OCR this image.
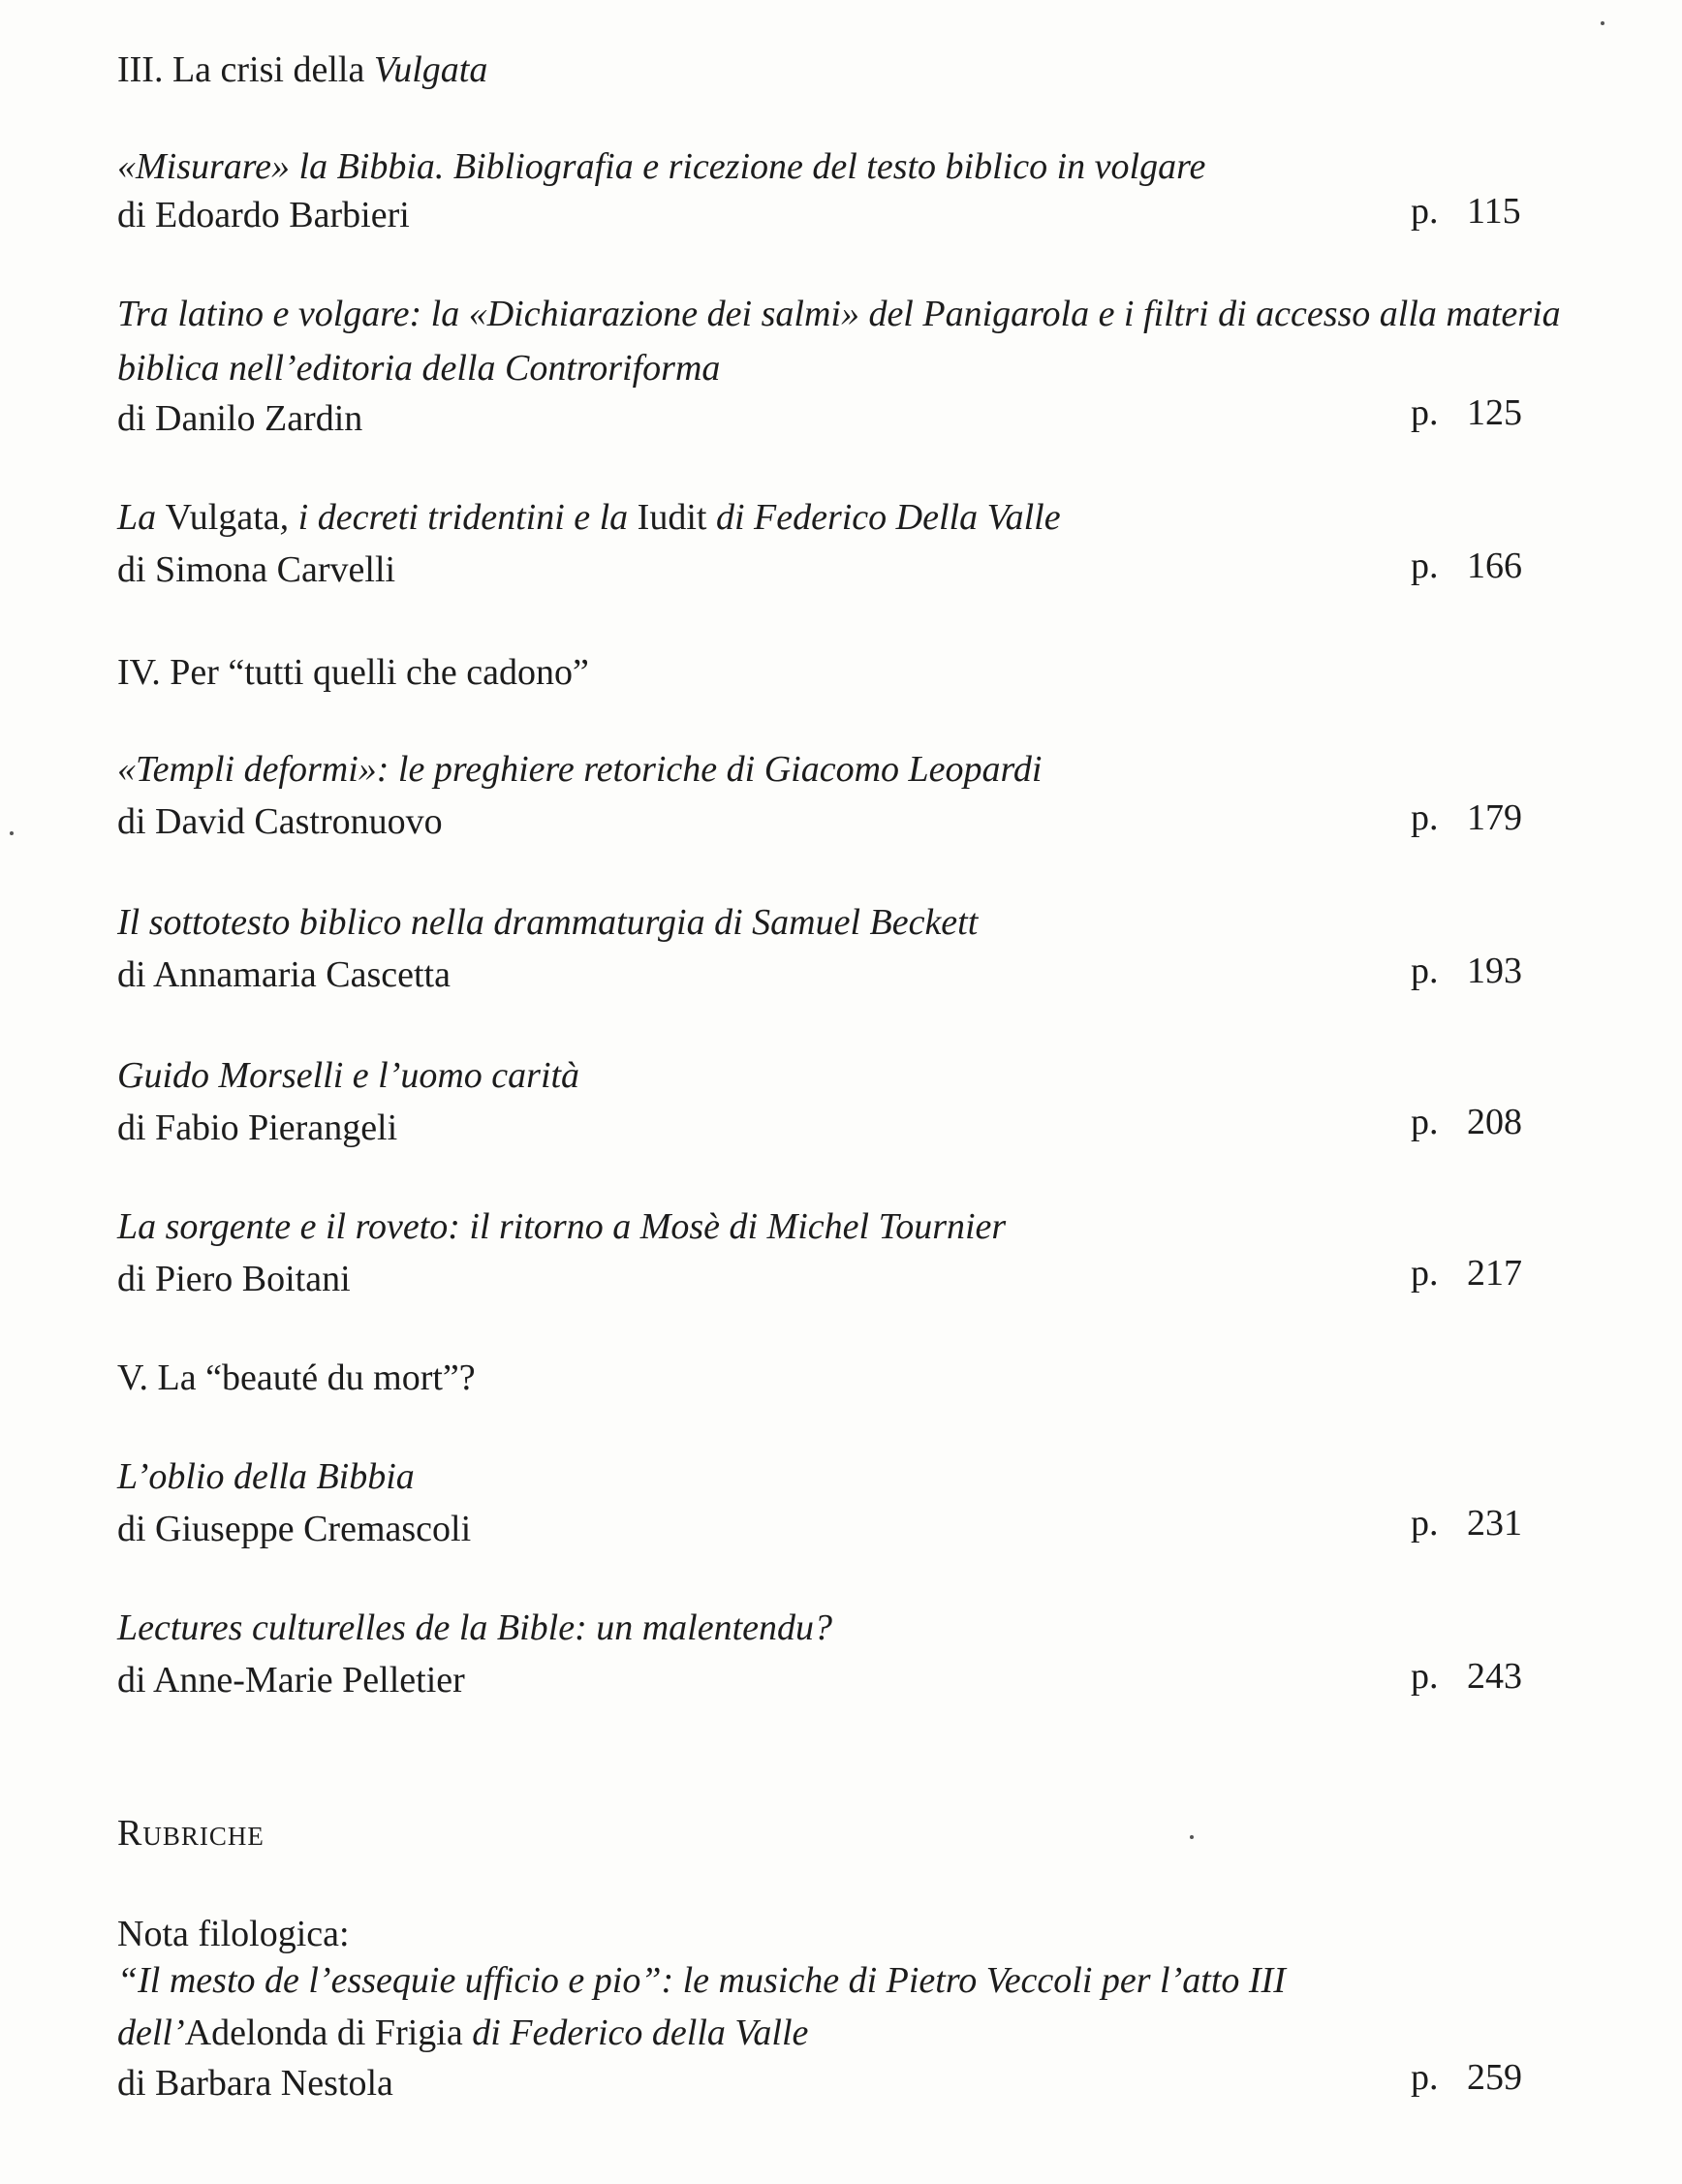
III. La crisi della Vulgata
«Misurare» la Bibbia. Bibliografia e ricezione del testo biblico in volgare
di Edoardo Barbieri	p. 115
Tra latino e volgare: la «Dichiarazione dei salmi» del Panigarola e i filtri di accesso alla materia
biblica nell’editoria della Controriforma
di Danilo Zardin	p. 125
La Vulgata, i decreti tridentini e la Iudit di Federico Della Valle
di Simona Carvelli	p. 166
IV. Per “tutti quelli che cadono”
«Templi deformi»: le preghiere retoriche di Giacomo Leopardi
di David Castronuovo	p. 179
Il sottotesto biblico nella drammaturgia di Samuel Beckett
di Annamaria Cascetta	p. 193
Guido Morselli e l’uomo carità
di Fabio Pierangeli	p. 208
La sorgente e il roveto: il ritorno a Mosè di Michel Tournier
di Piero Boitani	p. 217
V. La “beauté du mort”?
L’oblio della Bibbia
di Giuseppe Cremascoli	p. 231
Lectures culturelles de la Bible: un malentendu?
di Anne-Marie Pelletier	p. 243
Rubriche
Nota filologica:
“Il mesto de l’essequie ufficio e pio”: le musiche di Pietro Veccoli per l’atto III
dell’Adelonda di Frigia di Federico della Valle
di Barbara Nestola	p. 259
